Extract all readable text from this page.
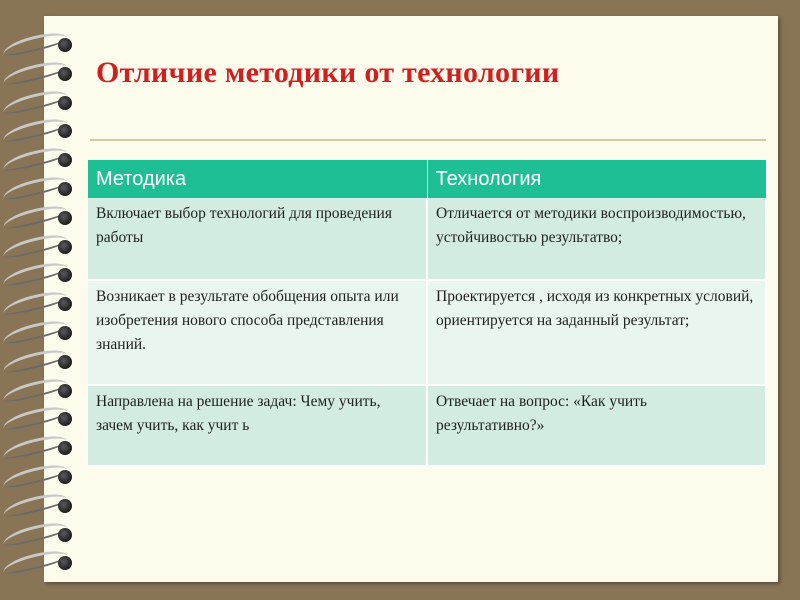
Отличие методики от технологии
Методика	Технология
Включает выбор технологий для проведения работы	Отличается от методики воспроизводимостью, устойчивостью результатво;
Возникает в результате обобщения опыта или изобретения нового способа представления знаний.	Проектируется , исходя из конкретных условий, ориентируется на заданный результат;
Направлена на решение задач: Чему учить, зачем учить, как учит ь	Отвечает на вопрос: «Как учить результативно?»
